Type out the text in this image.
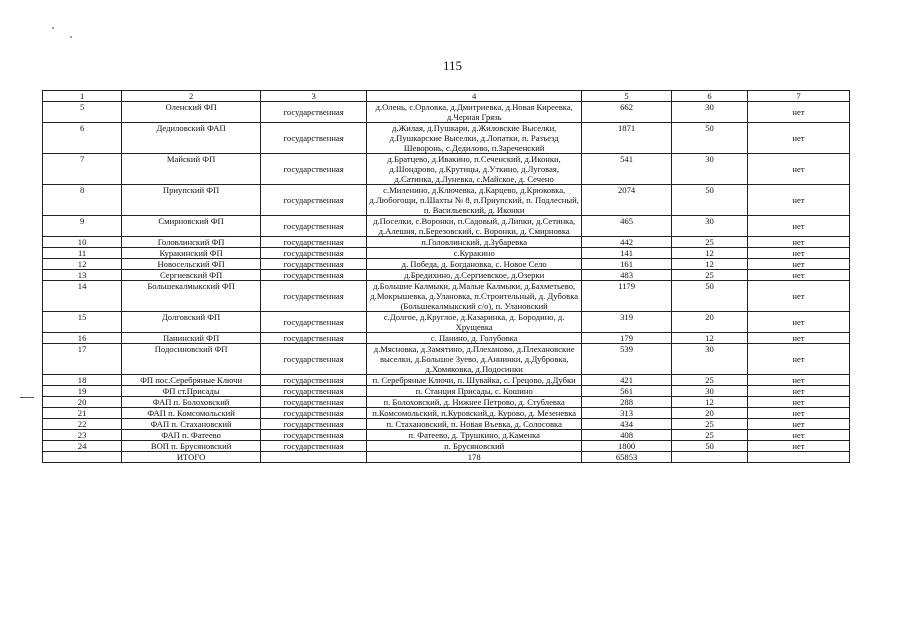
115
1	2	3	4	5	6	7
5	Оленский ФП	государственная	д.Олень, с.Орловка, д.Дмитриевка, д.Новая Киреевка, д.Черная Грязь	662	30	нет
6	Дедиловский ФАП	государственная	д.Жилая, д.Пушкари, д.Жиловские Выселки, д.Пушкарские Выселки, д.Лопатки, п. Разъезд Шеворонь, с.Дедилово, п.Зареченский	1871	50	нет
7	Майский ФП	государственная	д.Братцево, д.Ивакино, п.Сеченский, д.Иконки, д.Шондрово, д.Крутицы, д.Уткино, д.Луговая, д.Сатинка, д.Лунeвка, с.Майское, д. Сечено	541	30	нет
8	Приупский ФП	государственная	с.Миленино, д.Ключевка, д.Карцево, д.Крюковка, д.Любогощи, п.Шахты № 8, п.Приупский, п. Подлесный, п. Васильевский, д. Иконки	2074	50	нет
9	Смирновский ФП	государственная	д.Поселки, с.Воронки, п.Садовый, д.Липки, д.Сетинка, д.Алешня, п.Березовский, с. Воронки, д. Смирновка	465	30	нет
10	Головлинский ФП	государственная	п.Головлинский, д.Зубаревка	442	25	нет
11	Куракинский ФП	государственная	с.Куракино	141	12	нет
12	Новосельский ФП	государственная	д. Победа, д. Богдановка, с. Новое Село	161	12	нет
13	Сергиевский ФП	государственная	д.Бредихино, д.Сергиевское, д.Озерки	483	25	нет
14	Большекалмыкский ФП	государственная	д.Большие Калмыки, д.Малые Калмыки, д.Бахметьево, д.Мокрышевка, д.Улановка, п.Строительный, д. Дубовка (Большекалмыкский с/о), п. Улановский	1179	50	нет
15	Долговский ФП	государственная	с.Долгое, д.Круглое, д.Казаринка, д. Бородино, д. Хрущевка	319	20	нет
16	Панинский ФП	государственная	с. Панино, д. Голубовка	179	12	нет
17	Подосиновский ФП	государственная	д.Мясновка, д.Замятино, д.Плеханово, д.Плехановские выселки, д.Большое Зуево, д.Аннинки, д.Дубровка, д.Хомяковка, д.Подосинки	539	30	нет
18	ФП пос.Серебряные Ключи	государственная	п. Серебряные Ключи, п. Шувайка, с. Грецово, д.Дубки	421	25	нет
19	ФП ст.Присады	государственная	п. Станция Присады, с. Кошино	561	30	нет
20	ФАП п. Болоховский	государственная	п. Болоховский, д. Нижнее Петрово, д. Стублевка	288	12	нет
21	ФАП п. Комсомольский	государственная	п.Комсомольский, п.Куровский,д. Курово, д. Мезеневка	313	20	нет
22	ФАП п. Стахановский	государственная	п. Стахановский, п. Новая Въевка, д. Солосовка	434	25	нет
23	ФАП п. Фатеево	государственная	п. Фатеево, д. Трушкино, д.Каменка	408	25	нет
24	ВОП п. Брусяновский	государственная	п. Брусяновский	1800	50	нет
	ИТОГО		178	65853		
